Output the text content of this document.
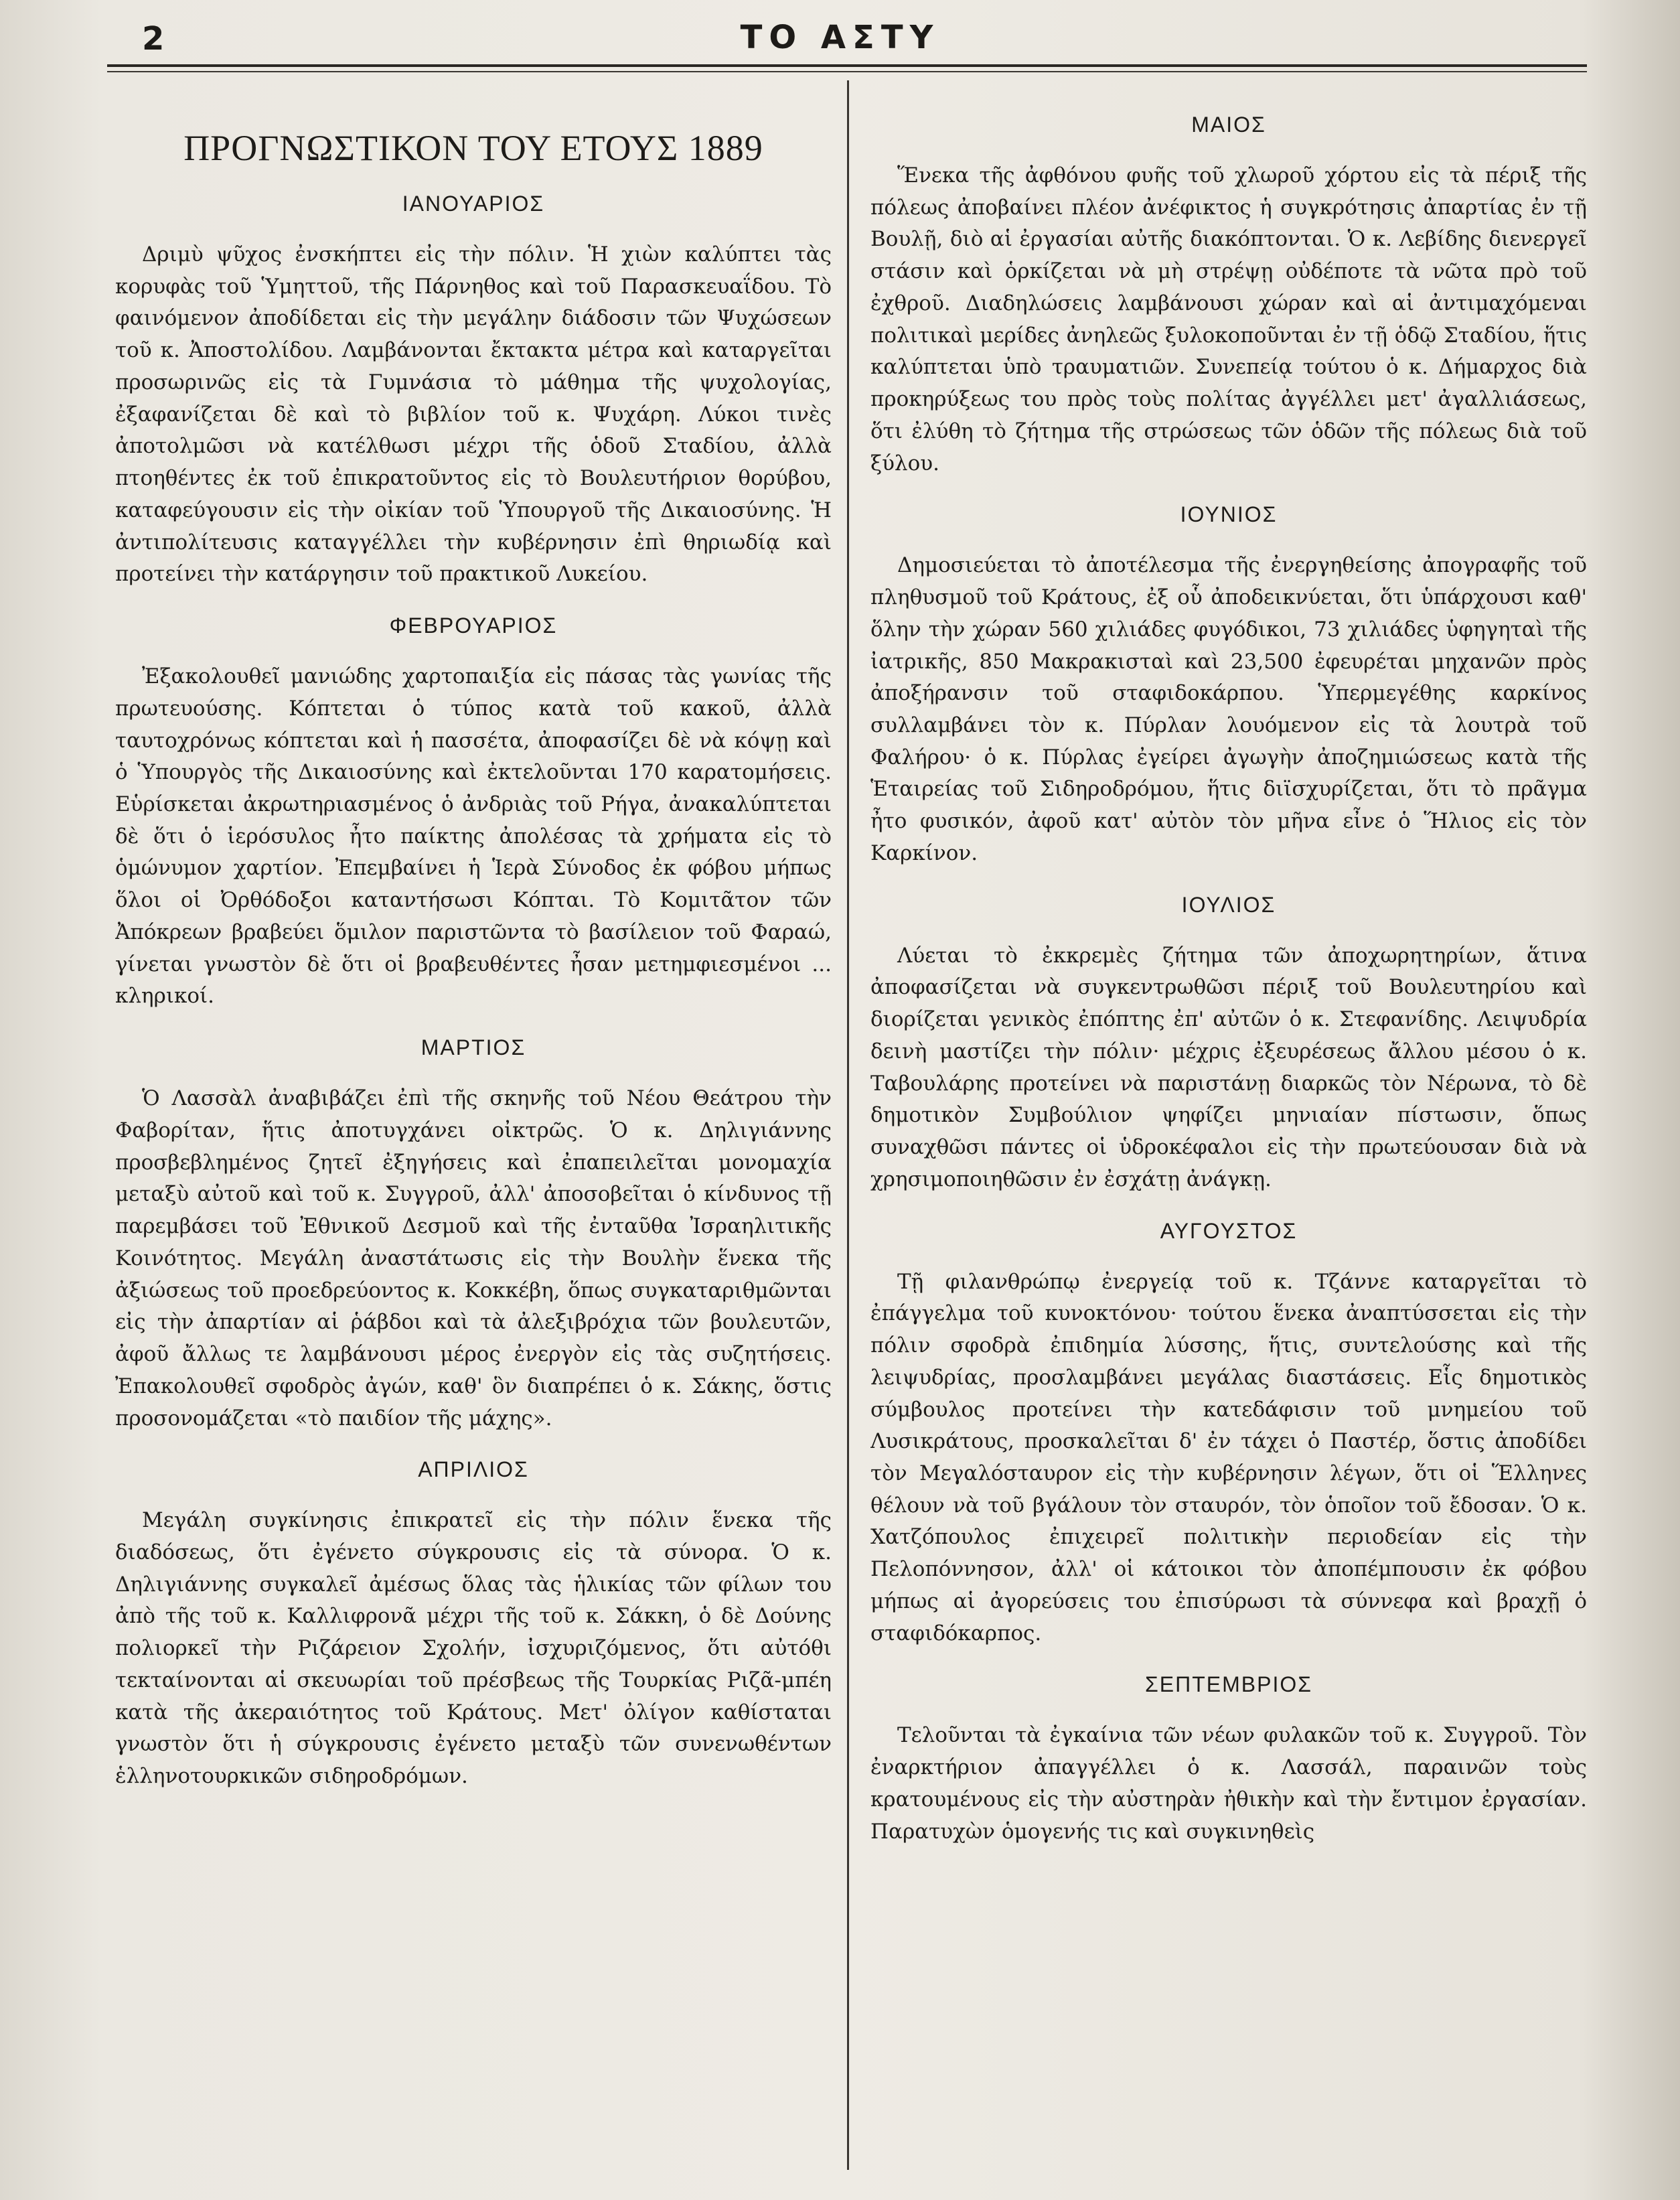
2	ΤΟ ΑΣΤΥ
ΠΡΟΓΝΩΣΤΙΚΟΝ ΤΟΥ ΕΤΟΥΣ 1889
ΙΑΝΟΥΑΡΙΟΣ

Δριμὺ ψῦχος ἐνσκήπτει εἰς τὴν πόλιν. Ἡ χιὼν καλύπτει τὰς κορυφὰς τοῦ Ὑμηττοῦ, τῆς Πάρνηθος καὶ τοῦ Παρασκευαΐδου. Τὸ φαινόμενον ἀποδίδεται εἰς τὴν μεγάλην διάδοσιν τῶν Ψυχώσεων τοῦ κ. Ἀποστολίδου. Λαμβάνονται ἔκτακτα μέτρα καὶ καταργεῖται προσωρινῶς εἰς τὰ Γυμνάσια τὸ μάθημα τῆς ψυχολογίας, ἐξαφανίζεται δὲ καὶ τὸ βιβλίον τοῦ κ. Ψυχάρη. Λύκοι τινὲς ἀποτολμῶσι νὰ κατέλθωσι μέχρι τῆς ὁδοῦ Σταδίου, ἀλλὰ πτοηθέντες ἐκ τοῦ ἐπικρατοῦντος εἰς τὸ Βουλευτήριον θορύβου, καταφεύγουσιν εἰς τὴν οἰκίαν τοῦ Ὑπουργοῦ τῆς Δικαιοσύνης. Ἡ ἀντιπολίτευσις καταγγέλλει τὴν κυβέρνησιν ἐπὶ θηριωδίᾳ καὶ προτείνει τὴν κατάργησιν τοῦ πρακτικοῦ Λυκείου.

ΦΕΒΡΟΥΑΡΙΟΣ

Ἐξακολουθεῖ μανιώδης χαρτοπαιξία εἰς πάσας τὰς γωνίας τῆς πρωτευούσης. Κόπτεται ὁ τύπος κατὰ τοῦ κακοῦ, ἀλλὰ ταυτοχρόνως κόπτεται καὶ ἡ πασσέτα, ἀποφασίζει δὲ νὰ κόψῃ καὶ ὁ Ὑπουργὸς τῆς Δικαιοσύνης καὶ ἐκτελοῦνται 170 καρατομήσεις. Εὑρίσκεται ἀκρωτηριασμένος ὁ ἀνδριὰς τοῦ Ρήγα, ἀνακαλύπτεται δὲ ὅτι ὁ ἱερόσυλος ἦτο παίκτης ἀπολέσας τὰ χρήματα εἰς τὸ ὁμώνυμον χαρτίον. Ἐπεμβαίνει ἡ Ἱερὰ Σύνοδος ἐκ φόβου μήπως ὅλοι οἱ Ὀρθόδοξοι καταντήσωσι Κόπται. Τὸ Κομιτᾶτον τῶν Ἀπόκρεων βραβεύει ὅμιλον παριστῶντα τὸ βασίλειον τοῦ Φαραώ, γίνεται γνωστὸν δὲ ὅτι οἱ βραβευθέντες ἦσαν μετημφιεσμένοι ... κληρικοί.

ΜΑΡΤΙΟΣ

Ὁ Λασσὰλ ἀναβιβάζει ἐπὶ τῆς σκηνῆς τοῦ Νέου Θεάτρου τὴν Φαβορίταν, ἥτις ἀποτυγχάνει οἰκτρῶς. Ὁ κ. Δηλιγιάννης προσβεβλημένος ζητεῖ ἐξηγήσεις καὶ ἐπαπειλεῖται μονομαχία μεταξὺ αὐτοῦ καὶ τοῦ κ. Συγγροῦ, ἀλλ' ἀποσοβεῖται ὁ κίνδυνος τῇ παρεμβάσει τοῦ Ἐθνικοῦ Δεσμοῦ καὶ τῆς ἐνταῦθα Ἰσραηλιτικῆς Κοινότητος. Μεγάλη ἀναστάτωσις εἰς τὴν Βουλὴν ἕνεκα τῆς ἀξιώσεως τοῦ προεδρεύοντος κ. Κοκκέβη, ὅπως συγκαταριθμῶνται εἰς τὴν ἀπαρτίαν αἱ ῥάβδοι καὶ τὰ ἀλεξιβρόχια τῶν βουλευτῶν, ἀφοῦ ἄλλως τε λαμβάνουσι μέρος ἐνεργὸν εἰς τὰς συζητήσεις. Ἐπακολουθεῖ σφοδρὸς ἀγών, καθ' ὃν διαπρέπει ὁ κ. Σάκης, ὅστις προσονομάζεται «τὸ παιδίον τῆς μάχης».

ΑΠΡΙΛΙΟΣ

Μεγάλη συγκίνησις ἐπικρατεῖ εἰς τὴν πόλιν ἕνεκα τῆς διαδόσεως, ὅτι ἐγένετο σύγκρουσις εἰς τὰ σύνορα. Ὁ κ. Δηλιγιάννης συγκαλεῖ ἀμέσως ὅλας τὰς ἡλικίας τῶν φίλων του ἀπὸ τῆς τοῦ κ. Καλλιφρονᾶ μέχρι τῆς τοῦ κ. Σάκκη, ὁ δὲ Δούνης πολιορκεῖ τὴν Ριζάρειον Σχολήν, ἰσχυριζόμενος, ὅτι αὐτόθι τεκταίνονται αἱ σκευωρίαι τοῦ πρέσβεως τῆς Τουρκίας Ριζᾶ-μπέη κατὰ τῆς ἀκεραιότητος τοῦ Κράτους. Μετ' ὀλίγον καθίσταται γνωστὸν ὅτι ἡ σύγκρουσις ἐγένετο μεταξὺ τῶν συνενωθέντων ἑλληνοτουρκικῶν σιδηροδρόμων.

ΜΑΙΟΣ

Ἕνεκα τῆς ἀφθόνου φυῆς τοῦ χλωροῦ χόρτου εἰς τὰ πέριξ τῆς πόλεως ἀποβαίνει πλέον ἀνέφικτος ἡ συγκρότησις ἀπαρτίας ἐν τῇ Βουλῇ, διὸ αἱ ἐργασίαι αὐτῆς διακόπτονται. Ὁ κ. Λεβίδης διενεργεῖ στάσιν καὶ ὁρκίζεται νὰ μὴ στρέψῃ οὐδέποτε τὰ νῶτα πρὸ τοῦ ἐχθροῦ. Διαδηλώσεις λαμβάνουσι χώραν καὶ αἱ ἀντιμαχόμεναι πολιτικαὶ μερίδες ἀνηλεῶς ξυλοκοποῦνται ἐν τῇ ὁδῷ Σταδίου, ἥτις καλύπτεται ὑπὸ τραυματιῶν. Συνεπείᾳ τούτου ὁ κ. Δήμαρχος διὰ προκηρύξεως του πρὸς τοὺς πολίτας ἀγγέλλει μετ' ἀγαλλιάσεως, ὅτι ἐλύθη τὸ ζήτημα τῆς στρώσεως τῶν ὁδῶν τῆς πόλεως διὰ τοῦ ξύλου.

ΙΟΥΝΙΟΣ

Δημοσιεύεται τὸ ἀποτέλεσμα τῆς ἐνεργηθείσης ἀπογραφῆς τοῦ πληθυσμοῦ τοῦ Κράτους, ἐξ οὗ ἀποδεικνύεται, ὅτι ὑπάρχουσι καθ' ὅλην τὴν χώραν 560 χιλιάδες φυγόδικοι, 73 χιλιάδες ὑφηγηταὶ τῆς ἰατρικῆς, 850 Μακρακισταὶ καὶ 23,500 ἐφευρέται μηχανῶν πρὸς ἀποξήρανσιν τοῦ σταφιδοκάρπου. Ὑπερμεγέθης καρκίνος συλλαμβάνει τὸν κ. Πύρλαν λουόμενον εἰς τὰ λουτρὰ τοῦ Φαλήρου· ὁ κ. Πύρλας ἐγείρει ἀγωγὴν ἀποζημιώσεως κατὰ τῆς Ἑταιρείας τοῦ Σιδηροδρόμου, ἥτις διϊσχυρίζεται, ὅτι τὸ πρᾶγμα ἦτο φυσικόν, ἀφοῦ κατ' αὐτὸν τὸν μῆνα εἶνε ὁ Ἥλιος εἰς τὸν Καρκίνον.

ΙΟΥΛΙΟΣ

Λύεται τὸ ἐκκρεμὲς ζήτημα τῶν ἀποχωρητηρίων, ἅτινα ἀποφασίζεται νὰ συγκεντρωθῶσι πέριξ τοῦ Βουλευτηρίου καὶ διορίζεται γενικὸς ἐπόπτης ἐπ' αὐτῶν ὁ κ. Στεφανίδης. Λειψυδρία δεινὴ μαστίζει τὴν πόλιν· μέχρις ἐξευρέσεως ἄλλου μέσου ὁ κ. Ταβουλάρης προτείνει νὰ παριστάνῃ διαρκῶς τὸν Νέρωνα, τὸ δὲ δημοτικὸν Συμβούλιον ψηφίζει μηνιαίαν πίστωσιν, ὅπως συναχθῶσι πάντες οἱ ὑδροκέφαλοι εἰς τὴν πρωτεύουσαν διὰ νὰ χρησιμοποιηθῶσιν ἐν ἐσχάτῃ ἀνάγκῃ.

ΑΥΓΟΥΣΤΟΣ

Τῇ φιλανθρώπῳ ἐνεργείᾳ τοῦ κ. Τζάννε καταργεῖται τὸ ἐπάγγελμα τοῦ κυνοκτόνου· τούτου ἕνεκα ἀναπτύσσεται εἰς τὴν πόλιν σφοδρὰ ἐπιδημία λύσσης, ἥτις, συντελούσης καὶ τῆς λειψυδρίας, προσλαμβάνει μεγάλας διαστάσεις. Εἷς δημοτικὸς σύμβουλος προτείνει τὴν κατεδάφισιν τοῦ μνημείου τοῦ Λυσικράτους, προσκαλεῖται δ' ἐν τάχει ὁ Παστέρ, ὅστις ἀποδίδει τὸν Μεγαλόσταυρον εἰς τὴν κυβέρνησιν λέγων, ὅτι οἱ Ἕλληνες θέλουν νὰ τοῦ βγάλουν τὸν σταυρόν, τὸν ὁποῖον τοῦ ἔδοσαν. Ὁ κ. Χατζόπουλος ἐπιχειρεῖ πολιτικὴν περιοδείαν εἰς τὴν Πελοπόννησον, ἀλλ' οἱ κάτοικοι τὸν ἀποπέμπουσιν ἐκ φόβου μήπως αἱ ἀγορεύσεις του ἐπισύρωσι τὰ σύννεφα καὶ βραχῇ ὁ σταφιδόκαρπος.

ΣΕΠΤΕΜΒΡΙΟΣ

Τελοῦνται τὰ ἐγκαίνια τῶν νέων φυλακῶν τοῦ κ. Συγγροῦ. Τὸν ἐναρκτήριον ἀπαγγέλλει ὁ κ. Λασσάλ, παραινῶν τοὺς κρατουμένους εἰς τὴν αὐστηρὰν ἠθικὴν καὶ τὴν ἔντιμον ἐργασίαν. Παρατυχὼν ὁμογενής τις καὶ συγκινηθεὶς
